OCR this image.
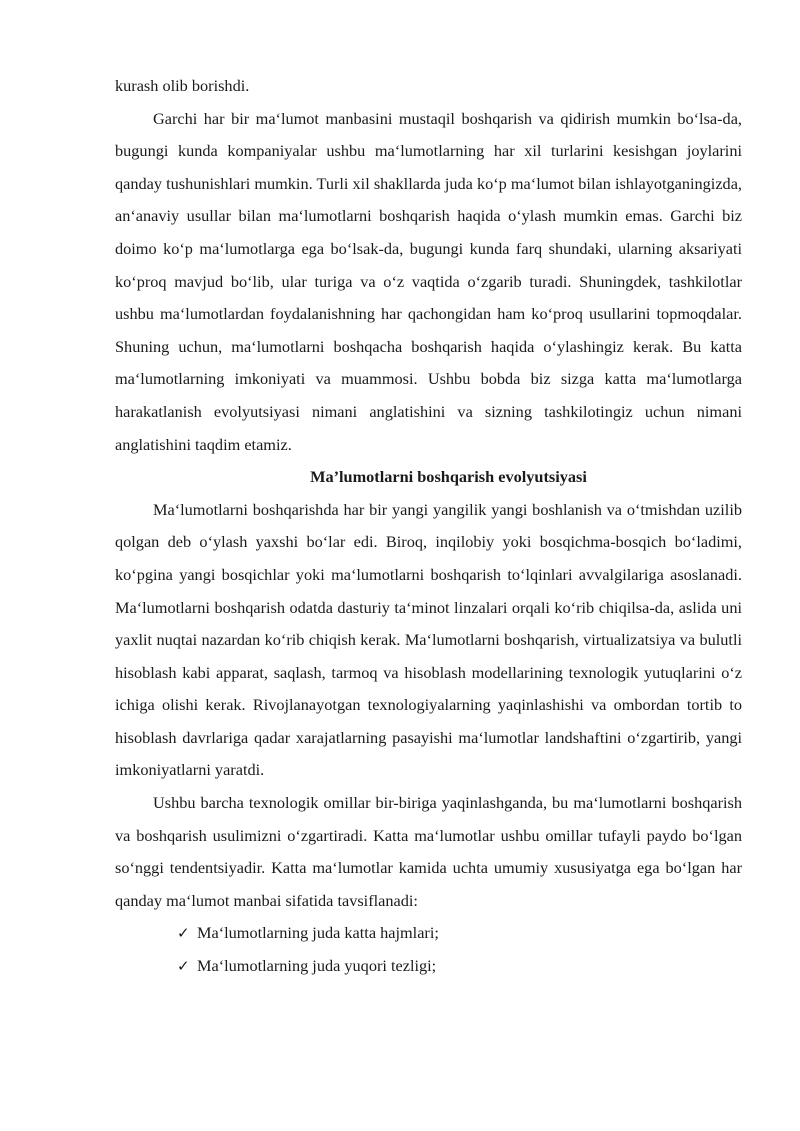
kurash olib borishdi.

Garchi har bir ma‘lumot manbasini mustaqil boshqarish va qidirish mumkin bo‘lsa-da, bugungi kunda kompaniyalar ushbu ma‘lumotlarning har xil turlarini kesishgan joylarini qanday tushunishlari mumkin. Turli xil shakllarda juda ko‘p ma‘lumot bilan ishlayotganingizda, an‘anaviy usullar bilan ma‘lumotlarni boshqarish haqida o‘ylash mumkin emas. Garchi biz doimo ko‘p ma‘lumotlarga ega bo‘lsak-da, bugungi kunda farq shundaki, ularning aksariyati ko‘proq mavjud bo‘lib, ular turiga va o‘z vaqtida o‘zgarib turadi. Shuningdek, tashkilotlar ushbu ma‘lumotlardan foydalanishning har qachongidan ham ko‘proq usullarini topmoqdalar. Shuning uchun, ma‘lumotlarni boshqacha boshqarish haqida o‘ylashingiz kerak. Bu katta ma‘lumotlarning imkoniyati va muammosi. Ushbu bobda biz sizga katta ma‘lumotlarga harakatlanish evolyutsiyasi nimani anglatishini va sizning tashkilotingiz uchun nimani anglatishini taqdim etamiz.

Ma’lumotlarni boshqarish evolyutsiyasi

Ma‘lumotlarni boshqarishda har bir yangi yangilik yangi boshlanish va o‘tmishdan uzilib qolgan deb o‘ylash yaxshi bo‘lar edi. Biroq, inqilobiy yoki bosqichma-bosqich bo‘ladimi, ko‘pgina yangi bosqichlar yoki ma‘lumotlarni boshqarish to‘lqinlari avvalgilariga asoslanadi. Ma‘lumotlarni boshqarish odatda dasturiy ta‘minot linzalari orqali ko‘rib chiqilsa-da, aslida uni yaxlit nuqtai nazardan ko‘rib chiqish kerak. Ma‘lumotlarni boshqarish, virtualizatsiya va bulutli hisoblash kabi apparat, saqlash, tarmoq va hisoblash modellarining texnologik yutuqlarini o‘z ichiga olishi kerak. Rivojlanayotgan texnologiyalarning yaqinlashishi va ombordan tortib to hisoblash davrlariga qadar xarajatlarning pasayishi ma‘lumotlar landshaftini o‘zgartirib, yangi imkoniyatlarni yaratdi.

Ushbu barcha texnologik omillar bir-biriga yaqinlashganda, bu ma‘lumotlarni boshqarish va boshqarish usulimizni o‘zgartiradi. Katta ma‘lumotlar ushbu omillar tufayli paydo bo‘lgan so‘nggi tendentsiyadir. Katta ma‘lumotlar kamida uchta umumiy xususiyatga ega bo‘lgan har qanday ma‘lumot manbai sifatida tavsiflanadi:

✓ Ma‘lumotlarning juda katta hajmlari;
✓ Ma‘lumotlarning juda yuqori tezligi;
